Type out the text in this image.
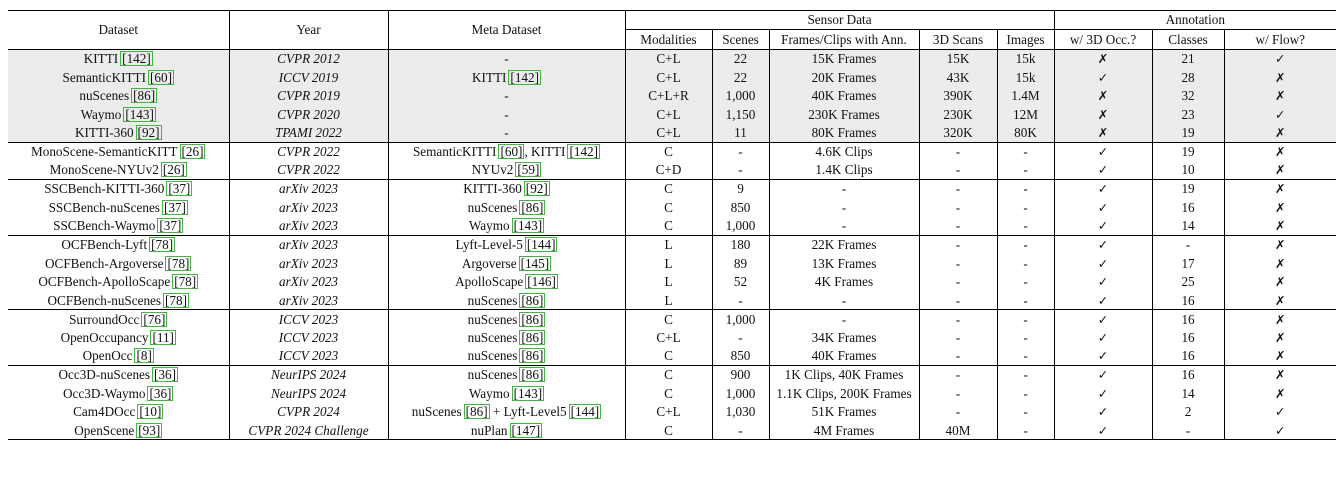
Dataset	Year	Meta Dataset	Sensor Data					Annotation		
			Modalities	Scenes	Frames/Clips with Ann.	3D Scans	Images	w/ 3D Occ.?	Classes	w/ Flow?
KITTI [142]	CVPR 2012	-	C+L	22	15K Frames	15K	15k	✗	21	✓
SemanticKITTI [60]	ICCV 2019	KITTI [142]	C+L	22	20K Frames	43K	15k	✓	28	✗
nuScenes [86]	CVPR 2019	-	C+L+R	1,000	40K Frames	390K	1.4M	✗	32	✗
Waymo [143]	CVPR 2020	-	C+L	1,150	230K Frames	230K	12M	✗	23	✓
KITTI-360 [92]	TPAMI 2022	-	C+L	11	80K Frames	320K	80K	✗	19	✗
MonoScene-SemanticKITT [26]	CVPR 2022	SemanticKITTI [60] , KITTI [142]	C	-	4.6K Clips	-	-	✓	19	✗
MonoScene-NYUv2 [26]	CVPR 2022	NYUv2 [59]	C+D	-	1.4K Clips	-	-	✓	10	✗
SSCBench-KITTI-360 [37]	arXiv 2023	KITTI-360 [92]	C	9	-	-	-	✓	19	✗
SSCBench-nuScenes [37]	arXiv 2023	nuScenes [86]	C	850	-	-	-	✓	16	✗
SSCBench-Waymo [37]	arXiv 2023	Waymo [143]	C	1,000	-	-	-	✓	14	✗
OCFBench-Lyft [78]	arXiv 2023	Lyft-Level-5 [144]	L	180	22K Frames	-	-	✓	-	✗
OCFBench-Argoverse [78]	arXiv 2023	Argoverse [145]	L	89	13K Frames	-	-	✓	17	✗
OCFBench-ApolloScape [78]	arXiv 2023	ApolloScape [146]	L	52	4K Frames	-	-	✓	25	✗
OCFBench-nuScenes [78]	arXiv 2023	nuScenes [86]	L	-	-	-	-	✓	16	✗
SurroundOcc [76]	ICCV 2023	nuScenes [86]	C	1,000	-	-	-	✓	16	✗
OpenOccupancy [11]	ICCV 2023	nuScenes [86]	C+L	-	34K Frames	-	-	✓	16	✗
OpenOcc [8]	ICCV 2023	nuScenes [86]	C	850	40K Frames	-	-	✓	16	✗
Occ3D-nuScenes [36]	NeurIPS 2024	nuScenes [86]	C	900	1K Clips, 40K Frames	-	-	✓	16	✗
Occ3D-Waymo [36]	NeurIPS 2024	Waymo [143]	C	1,000	1.1K Clips, 200K Frames	-	-	✓	14	✗
Cam4DOcc [10]	CVPR 2024	nuScenes [86] + Lyft-Level5 [144]	C+L	1,030	51K Frames	-	-	✓	2	✓
OpenScene [93]	CVPR 2024 Challenge	nuPlan [147]	C	-	4M Frames	40M	-	✓	-	✓
